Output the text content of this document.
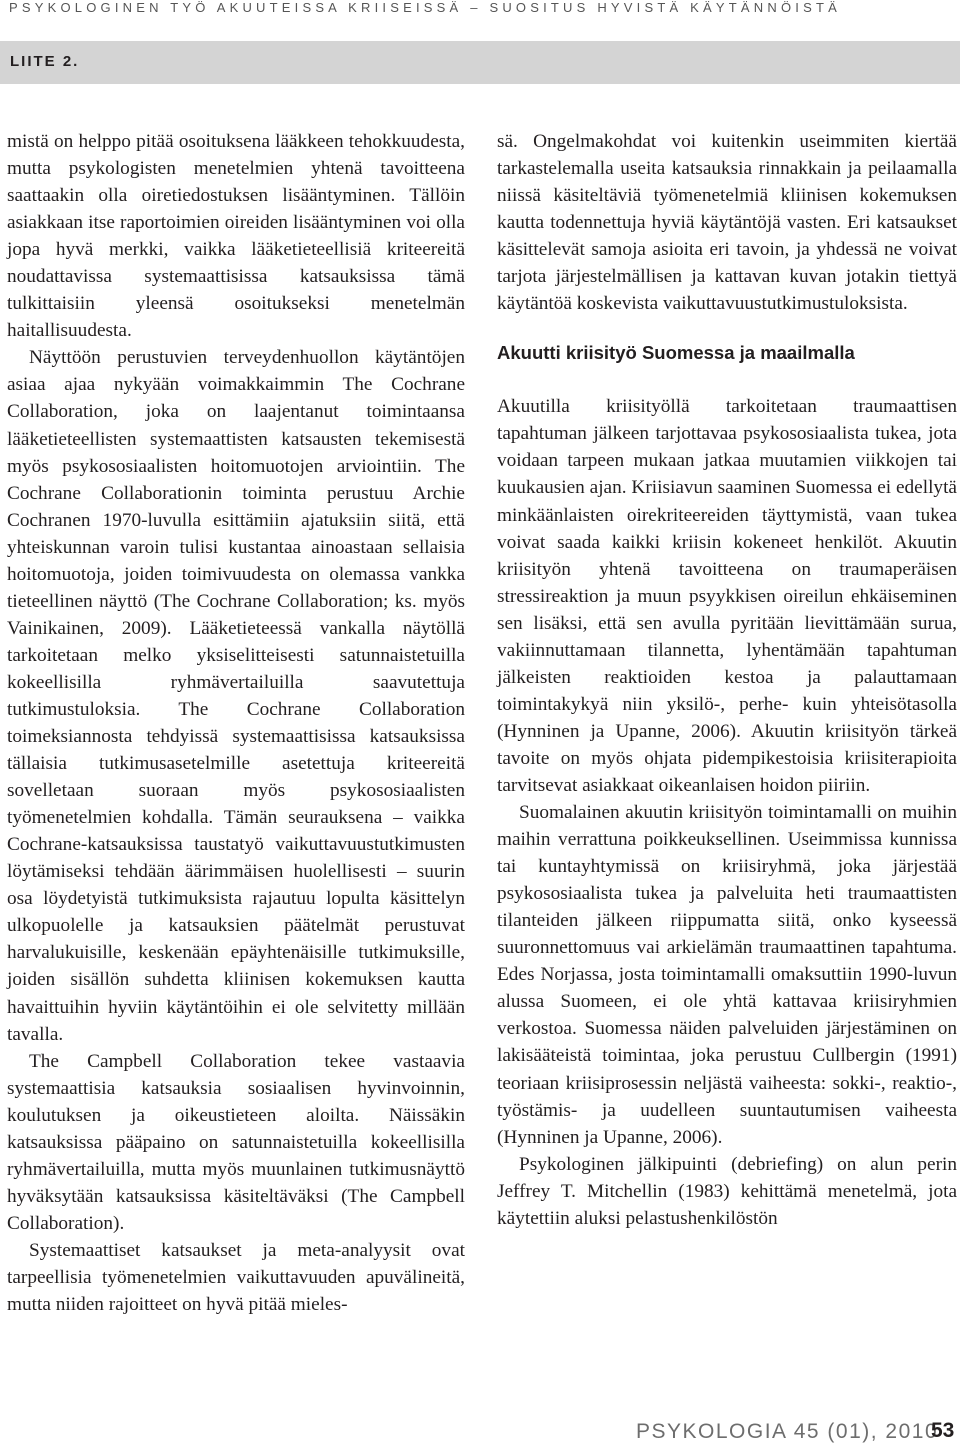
PSYKOLOGINEN TYÖ AKUUTEISSA KRIISEISSÄ – SUOSITUS HYVISTÄ KÄYTÄNNÖISTÄ
LIITE 2.

mistä on helppo pitää osoituksena lääkkeen tehokkuudesta, mutta psykologisten menetelmien yhtenä tavoitteena saattaakin olla oiretiedostuksen lisääntyminen. Tällöin asiakkaan itse raportoimien oireiden lisääntyminen voi olla jopa hyvä merkki, vaikka lääketieteellisiä kriteereitä noudattavissa systemaattisissa katsauksissa tämä tulkittaisiin yleensä osoitukseksi menetelmän haitallisuudesta.

Näyttöön perustuvien terveydenhuollon käytäntöjen asiaa ajaa nykyään voimakkaimmin The Cochrane Collaboration, joka on laajentanut toimintaansa lääketieteellisten systemaattisten katsausten tekemisestä myös psykososiaalisten hoitomuotojen arviointiin. The Cochrane Collaborationin toiminta perustuu Archie Cochranen 1970-luvulla esittämiin ajatuksiin siitä, että yhteiskunnan varoin tulisi kustantaa ainoastaan sellaisia hoitomuotoja, joiden toimivuudesta on olemassa vankka tieteellinen näyttö (The Cochrane Collaboration; ks. myös Vainikainen, 2009). Lääketieteessä vankalla näytöllä tarkoitetaan melko yksiselitteisesti satunnaistetuilla kokeellisilla ryhmävertailuilla saavutettuja tutkimustuloksia. The Cochrane Collaboration toimeksiannosta tehdyissä systemaattisissa katsauksissa tällaisia tutkimusasetelmille asetettuja kriteereitä sovelletaan suoraan myös psykososiaalisten työmenetelmien kohdalla. Tämän seurauksena – vaikka Cochrane-katsauksissa taustatyö vaikuttavuustutkimusten löytämiseksi tehdään äärimmäisen huolellisesti – suurin osa löydetyistä tutkimuksista rajautuu lopulta käsittelyn ulkopuolelle ja katsauksien päätelmät perustuvat harvalukuisille, keskenään epäyhtenäisille tutkimuksille, joiden sisällön suhdetta kliinisen kokemuksen kautta havaittuihin hyviin käytäntöihin ei ole selvitetty millään tavalla.

The Campbell Collaboration tekee vastaavia systemaattisia katsauksia sosiaalisen hyvinvoinnin, koulutuksen ja oikeustieteen aloilta. Näissäkin katsauksissa pääpaino on satunnaistetuilla kokeellisilla ryhmävertailuilla, mutta myös muunlainen tutkimusnäyttö hyväksytään katsauksissa käsiteltäväksi (The Campbell Collaboration).

Systemaattiset katsaukset ja meta-analyysit ovat tarpeellisia työmenetelmien vaikuttavuuden apuvälineitä, mutta niiden rajoitteet on hyvä pitää mieles-

sä. Ongelmakohdat voi kuitenkin useimmiten kiertää tarkastelemalla useita katsauksia rinnakkain ja peilaamalla niissä käsiteltäviä työmenetelmiä kliinisen kokemuksen kautta todennettuja hyviä käytäntöjä vasten. Eri katsaukset käsittelevät samoja asioita eri tavoin, ja yhdessä ne voivat tarjota järjestelmällisen ja kattavan kuvan jotakin tiettyä käytäntöä koskevista vaikuttavuustutkimustuloksista.

Akuutti kriisityö Suomessa ja maailmalla

Akuutilla kriisityöllä tarkoitetaan traumaattisen tapahtuman jälkeen tarjottavaa psykososiaalista tukea, jota voidaan tarpeen mukaan jatkaa muutamien viikkojen tai kuukausien ajan. Kriisiavun saaminen Suomessa ei edellytä minkäänlaisten oirekriteereiden täyttymistä, vaan tukea voivat saada kaikki kriisin kokeneet henkilöt. Akuutin kriisityön yhtenä tavoitteena on traumaperäisen stressireaktion ja muun psyykkisen oireilun ehkäiseminen sen lisäksi, että sen avulla pyritään lievittämään surua, vakiinnuttamaan tilannetta, lyhentämään tapahtuman jälkeisten reaktioiden kestoa ja palauttamaan toimintakykyä niin yksilö-, perhe- kuin yhteisötasolla (Hynninen ja Upanne, 2006). Akuutin kriisityön tärkeä tavoite on myös ohjata pidempikestoisia kriisiterapioita tarvitsevat asiakkaat oikeanlaisen hoidon piiriin.

Suomalainen akuutin kriisityön toimintamalli on muihin maihin verrattuna poikkeuksellinen. Useimmissa kunnissa tai kuntayhtymissä on kriisiryhmä, joka järjestää psykososiaalista tukea ja palveluita heti traumaattisten tilanteiden jälkeen riippumatta siitä, onko kyseessä suuronnettomuus vai arkielämän traumaattinen tapahtuma. Edes Norjassa, josta toimintamalli omaksuttiin 1990-luvun alussa Suomeen, ei ole yhtä kattavaa kriisiryhmien verkostoa. Suomessa näiden palveluiden järjestäminen on lakisääteistä toimintaa, joka perustuu Cullbergin (1991) teoriaan kriisiprosessin neljästä vaiheesta: sokki-, reaktio-, työstämis- ja uudelleen suuntautumisen vaiheesta (Hynninen ja Upanne, 2006).

Psykologinen jälkipuinti (debriefing) on alun perin Jeffrey T. Mitchellin (1983) kehittämä menetelmä, jota käytettiin aluksi pelastushenkilöstön

PSYKOLOGIA 45 (01), 2010
53
